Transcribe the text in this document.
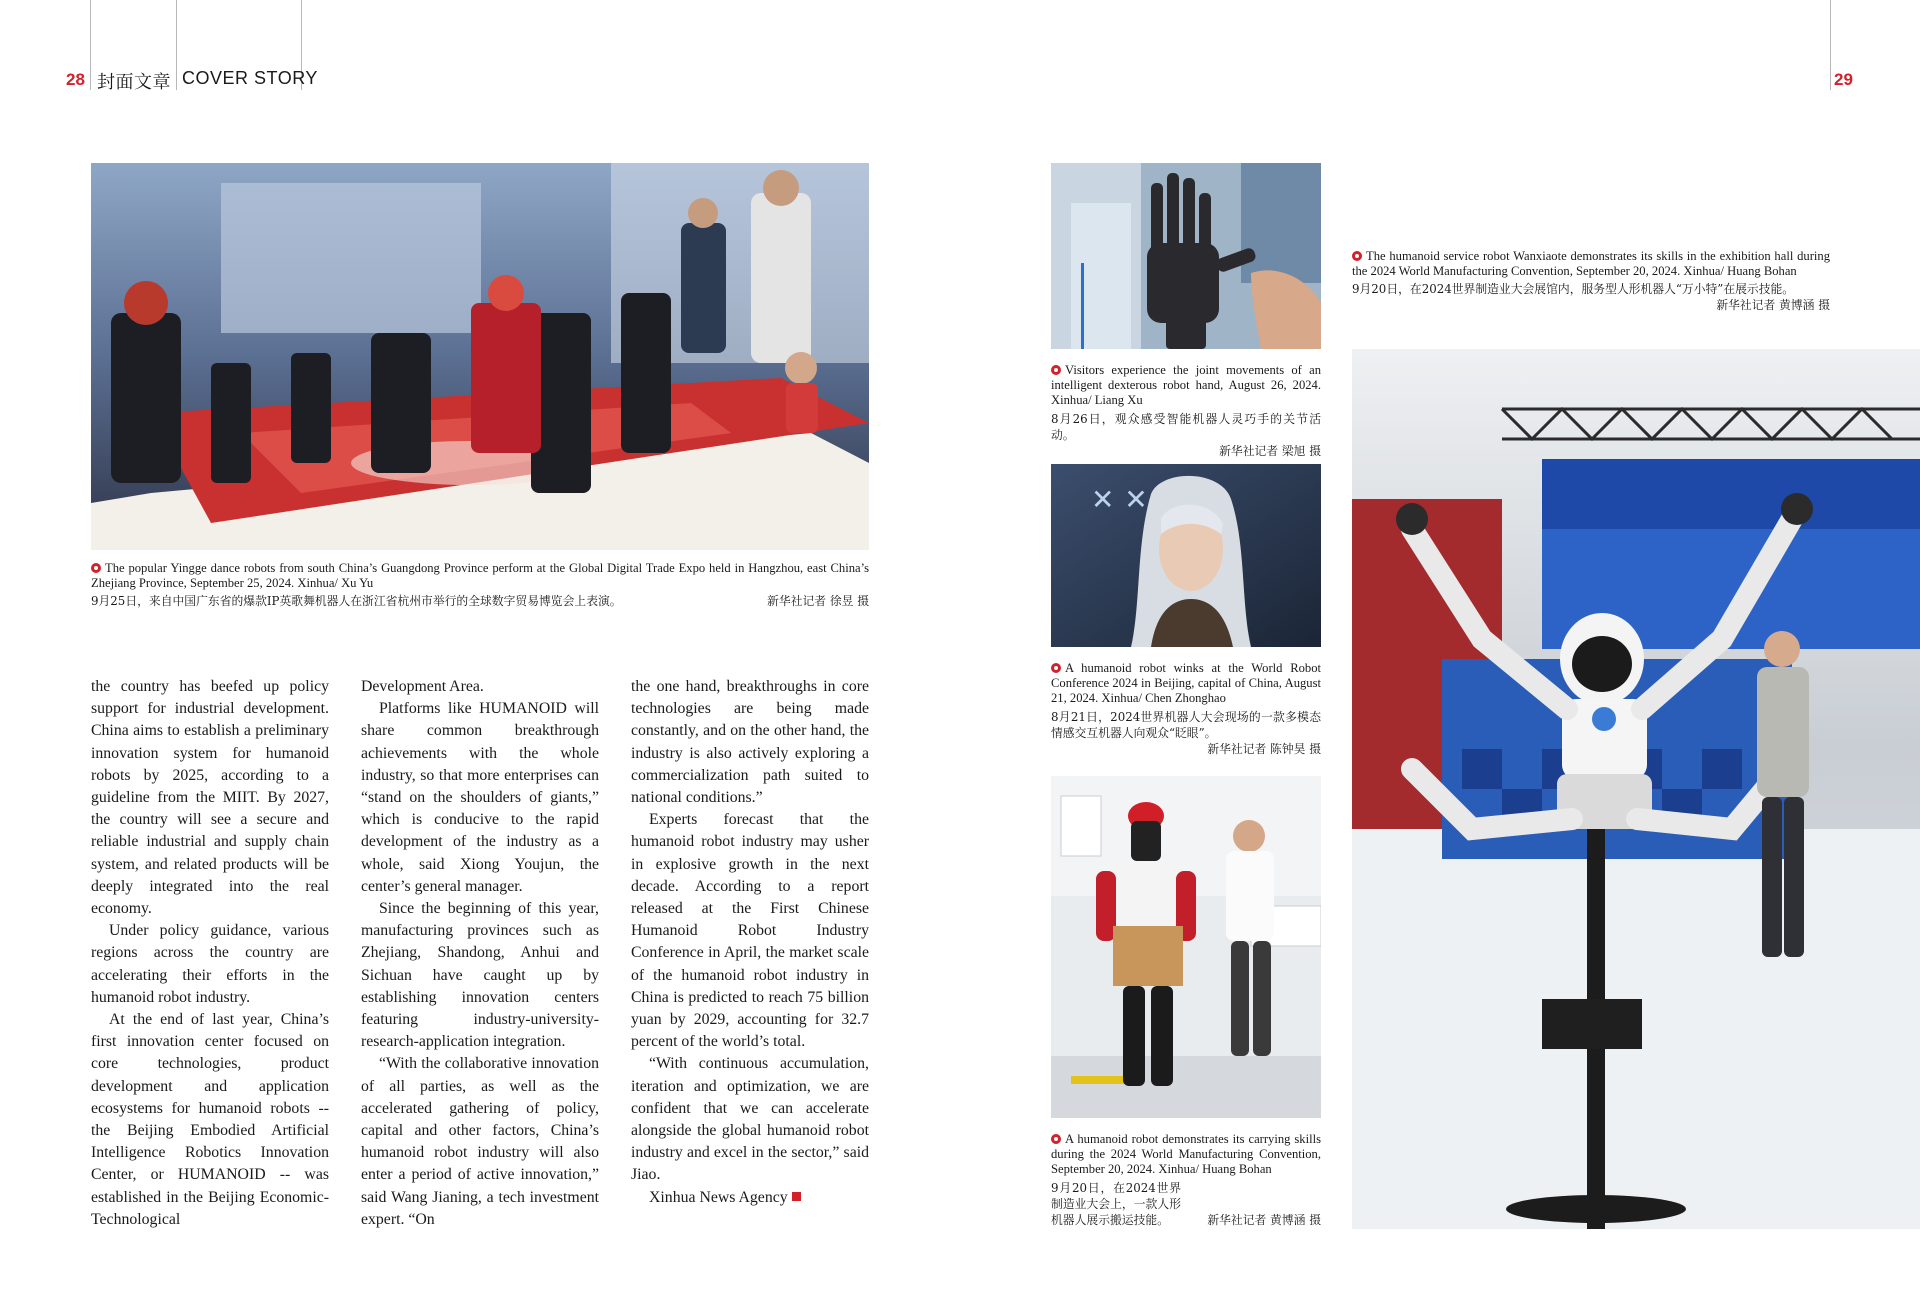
28 封面文章 COVER STORY	29
The popular Yingge dance robots from south China’s Guangdong Province perform at the Global Digital Trade Expo held in Hangzhou, east China’s Zhejiang Province, September 25, 2024. Xinhua/ Xu Yu
9月25日，来自中国广东省的爆款IP英歌舞机器人在浙江省杭州市举行的全球数字贸易博览会上表演。	新华社记者 徐昱 摄

the country has beefed up policy support for industrial development. China aims to establish a preliminary innovation system for humanoid robots by 2025, according to a guideline from the MIIT. By 2027, the country will see a secure and reliable industrial and supply chain system, and related products will be deeply integrated into the real economy.

Under policy guidance, various regions across the country are accelerating their efforts in the humanoid robot industry.

At the end of last year, China’s first innovation center focused on core technologies, product development and application ecosystems for humanoid robots -- the Beijing Embodied Artificial Intelligence Robotics Innovation Center, or HUMANOID -- was established in the Beijing Economic-Technological

Development Area.

Platforms like HUMANOID will share common breakthrough achievements with the whole industry, so that more enterprises can “stand on the shoulders of giants,” which is conducive to the rapid development of the industry as a whole, said Xiong Youjun, the center’s general manager.

Since the beginning of this year, manufacturing provinces such as Zhejiang, Shandong, Anhui and Sichuan have caught up by establishing innovation centers featuring industry-university-research-application integration.

“With the collaborative innovation of all parties, as well as the accelerated gathering of policy, capital and other factors, China’s humanoid robot industry will also enter a period of active innovation,” said Wang Jianing, a tech investment expert. “On

the one hand, breakthroughs in core technologies are being made constantly, and on the other hand, the industry is also actively exploring a commercialization path suited to national conditions.”

Experts forecast that the humanoid robot industry may usher in explosive growth in the next decade. According to a report released at the First Chinese Humanoid Robot Industry Conference in April, the market scale of the humanoid robot industry in China is predicted to reach 75 billion yuan by 2029, accounting for 32.7 percent of the world’s total.

“With continuous accumulation, iteration and optimization, we are confident that we can accelerate alongside the global humanoid robot industry and excel in the sector,” said Jiao.

Xinhua News Agency

Visitors experience the joint movements of an intelligent dexterous robot hand, August 26, 2024. Xinhua/ Liang Xu
8月26日，观众感受智能机器人灵巧手的关节活动。
新华社记者 梁旭 摄
✕ ✕
A humanoid robot winks at the World Robot Conference 2024 in Beijing, capital of China, August 21, 2024. Xinhua/ Chen Zhonghao
8月21日，2024世界机器人大会现场的一款多模态情感交互机器人向观众“眨眼”。
新华社记者 陈钟昊 摄
A humanoid robot demonstrates its carrying skills during the 2024 World Manufacturing Convention, September 20, 2024. Xinhua/ Huang Bohan
9月20日，在2024世界制造业大会上，一款人形机器人展示搬运技能。	新华社记者 黄博涵 摄
The humanoid service robot Wanxiaote demonstrates its skills in the exhibition hall during the 2024 World Manufacturing Convention, September 20, 2024. Xinhua/ Huang Bohan
9月20日，在2024世界制造业大会展馆内，服务型人形机器人“万小特”在展示技能。
新华社记者 黄博涵 摄
